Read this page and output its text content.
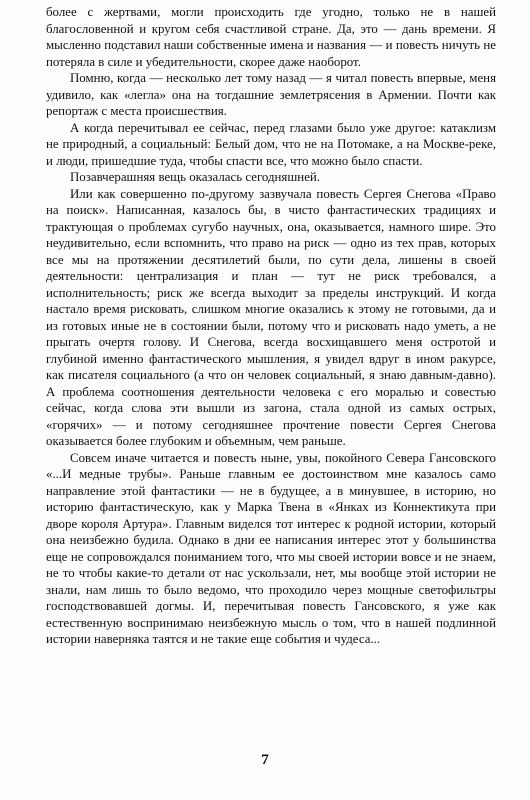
более с жертвами, могли происходить где угодно, только не в нашей благословенной и кругом себя счастливой стране. Да, это — дань времени. Я мысленно подставил наши собственные имена и названия — и повесть ничуть не потеряла в силе и убедительности, скорее даже наоборот.

Помню, когда — несколько лет тому назад — я читал повесть впервые, меня удивило, как «легла» она на тогдашние землетрясения в Армении. Почти как репортаж с места происшествия.

А когда перечитывал ее сейчас, перед глазами было уже другое: катаклизм не природный, а социальный: Белый дом, что не на Потомаке, а на Москве-реке, и люди, пришедшие туда, чтобы спасти все, что можно было спасти.

Позавчерашняя вещь оказалась сегодняшней.

Или как совершенно по-другому зазвучала повесть Сергея Снегова «Право на поиск». Написанная, казалось бы, в чисто фантастических традициях и трактующая о проблемах сугубо научных, она, оказывается, намного шире. Это неудивительно, если вспомнить, что право на риск — одно из тех прав, которых все мы на протяжении десятилетий были, по сути дела, лишены в своей деятельности: централизация и план — тут не риск требовался, а исполнительность; риск же всегда выходит за пределы инструкций. И когда настало время рисковать, слишком многие оказались к этому не готовыми, да и из готовых иные не в состоянии были, потому что и рисковать надо уметь, а не прыгать очертя голову. И Снегова, всегда восхищавшего меня остротой и глубиной именно фантастического мышления, я увидел вдруг в ином ракурсе, как писателя социального (а что он человек социальный, я знаю давным-давно). А проблема соотношения деятельности человека с его моралью и совестью сейчас, когда слова эти вышли из загона, стала одной из самых острых, «горячих» — и потому сегодняшнее прочтение повести Сергея Снегова оказывается более глубоким и объемным, чем раньше.

Совсем иначе читается и повесть ныне, увы, покойного Севера Гансовского «...И медные трубы». Раньше главным ее достоинством мне казалось само направление этой фантастики — не в будущее, а в минувшее, в историю, но историю фантастическую, как у Марка Твена в «Янках из Коннектикута при дворе короля Артура». Главным виделся тот интерес к родной истории, который она неизбежно будила. Однако в дни ее написания интерес этот у большинства еще не сопровождался пониманием того, что мы своей истории вовсе и не знаем, не то чтобы какие-то детали от нас ускользали, нет, мы вообще этой истории не знали, нам лишь то было ведомо, что проходило через мощные светофильтры господствовавшей догмы. И, перечитывая повесть Гансовского, я уже как естественную воспринимаю неизбежную мысль о том, что в нашей подлинной истории наверняка таятся и не такие еще события и чудеса...

7
